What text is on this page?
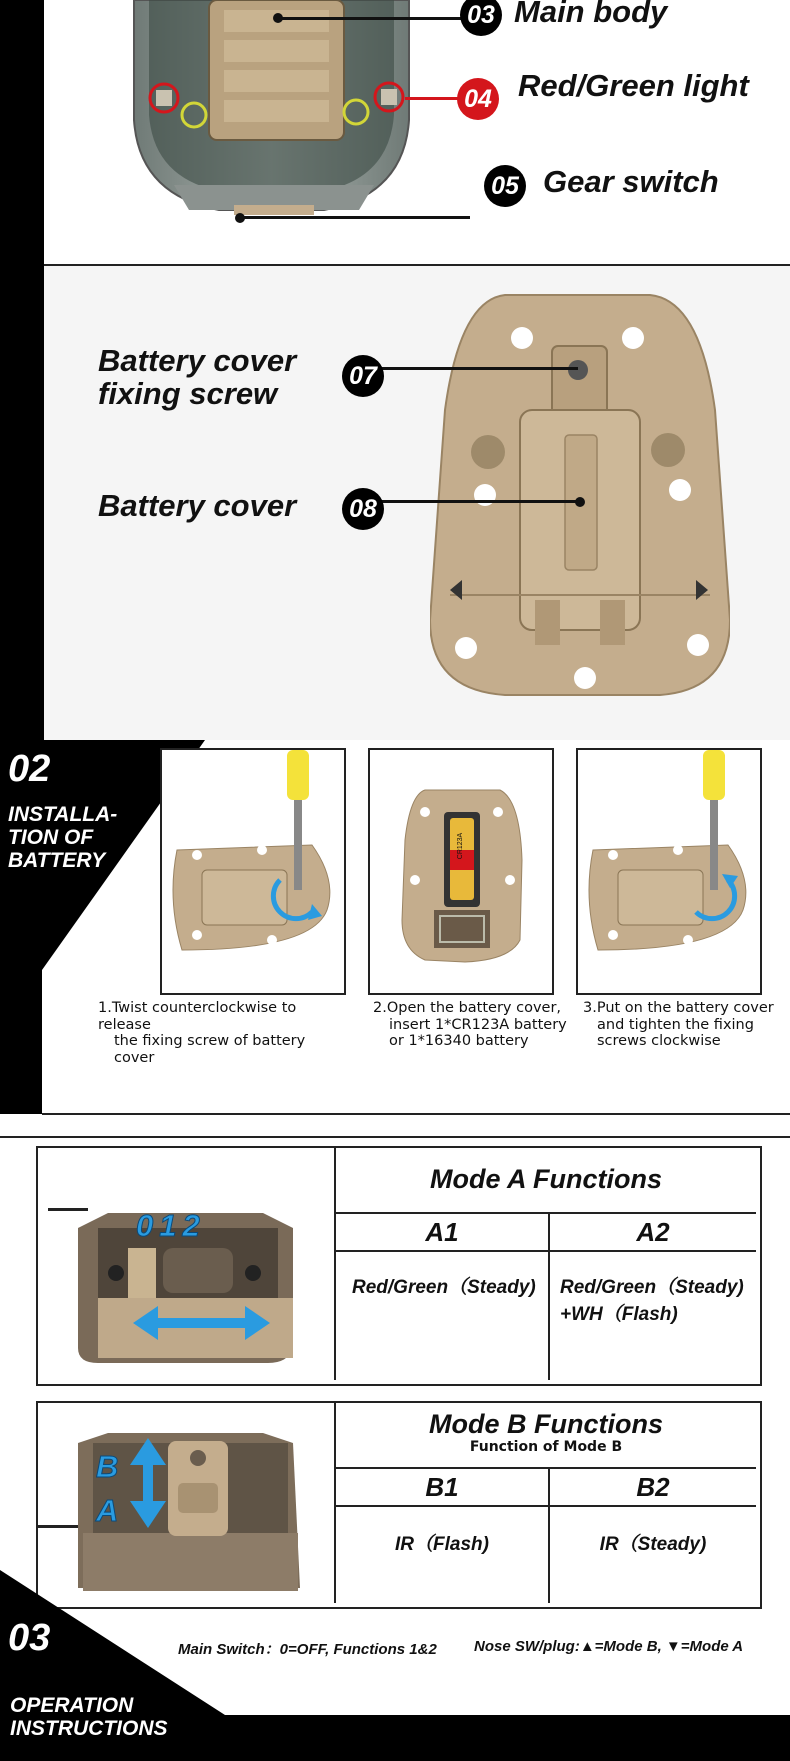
03 Main body
04 Red/Green light
05 Gear switch
07
Battery cover
fixing screw
08
Battery cover
02
INSTALLA-
TION OF
BATTERY
CR123A
1.Twist counterclockwise to release
the fixing screw of battery cover
2.Open the battery cover,
insert 1*CR123A battery
or 1*16340 battery
3.Put on the battery cover
and tighten the fixing
screws clockwise
012
Mode A Functions
A1	A2
Red/Green（Steady)	Red/Green（Steady)
+WH（Flash)
B
A
Mode B Functions
Function of Mode B
B1	B2
IR（Flash)	IR（Steady)
03
OPERATION
INSTRUCTIONS
Main Switch：0=OFF, Functions 1&2 Nose SW/plug:▲=Mode B, ▼=Mode A
